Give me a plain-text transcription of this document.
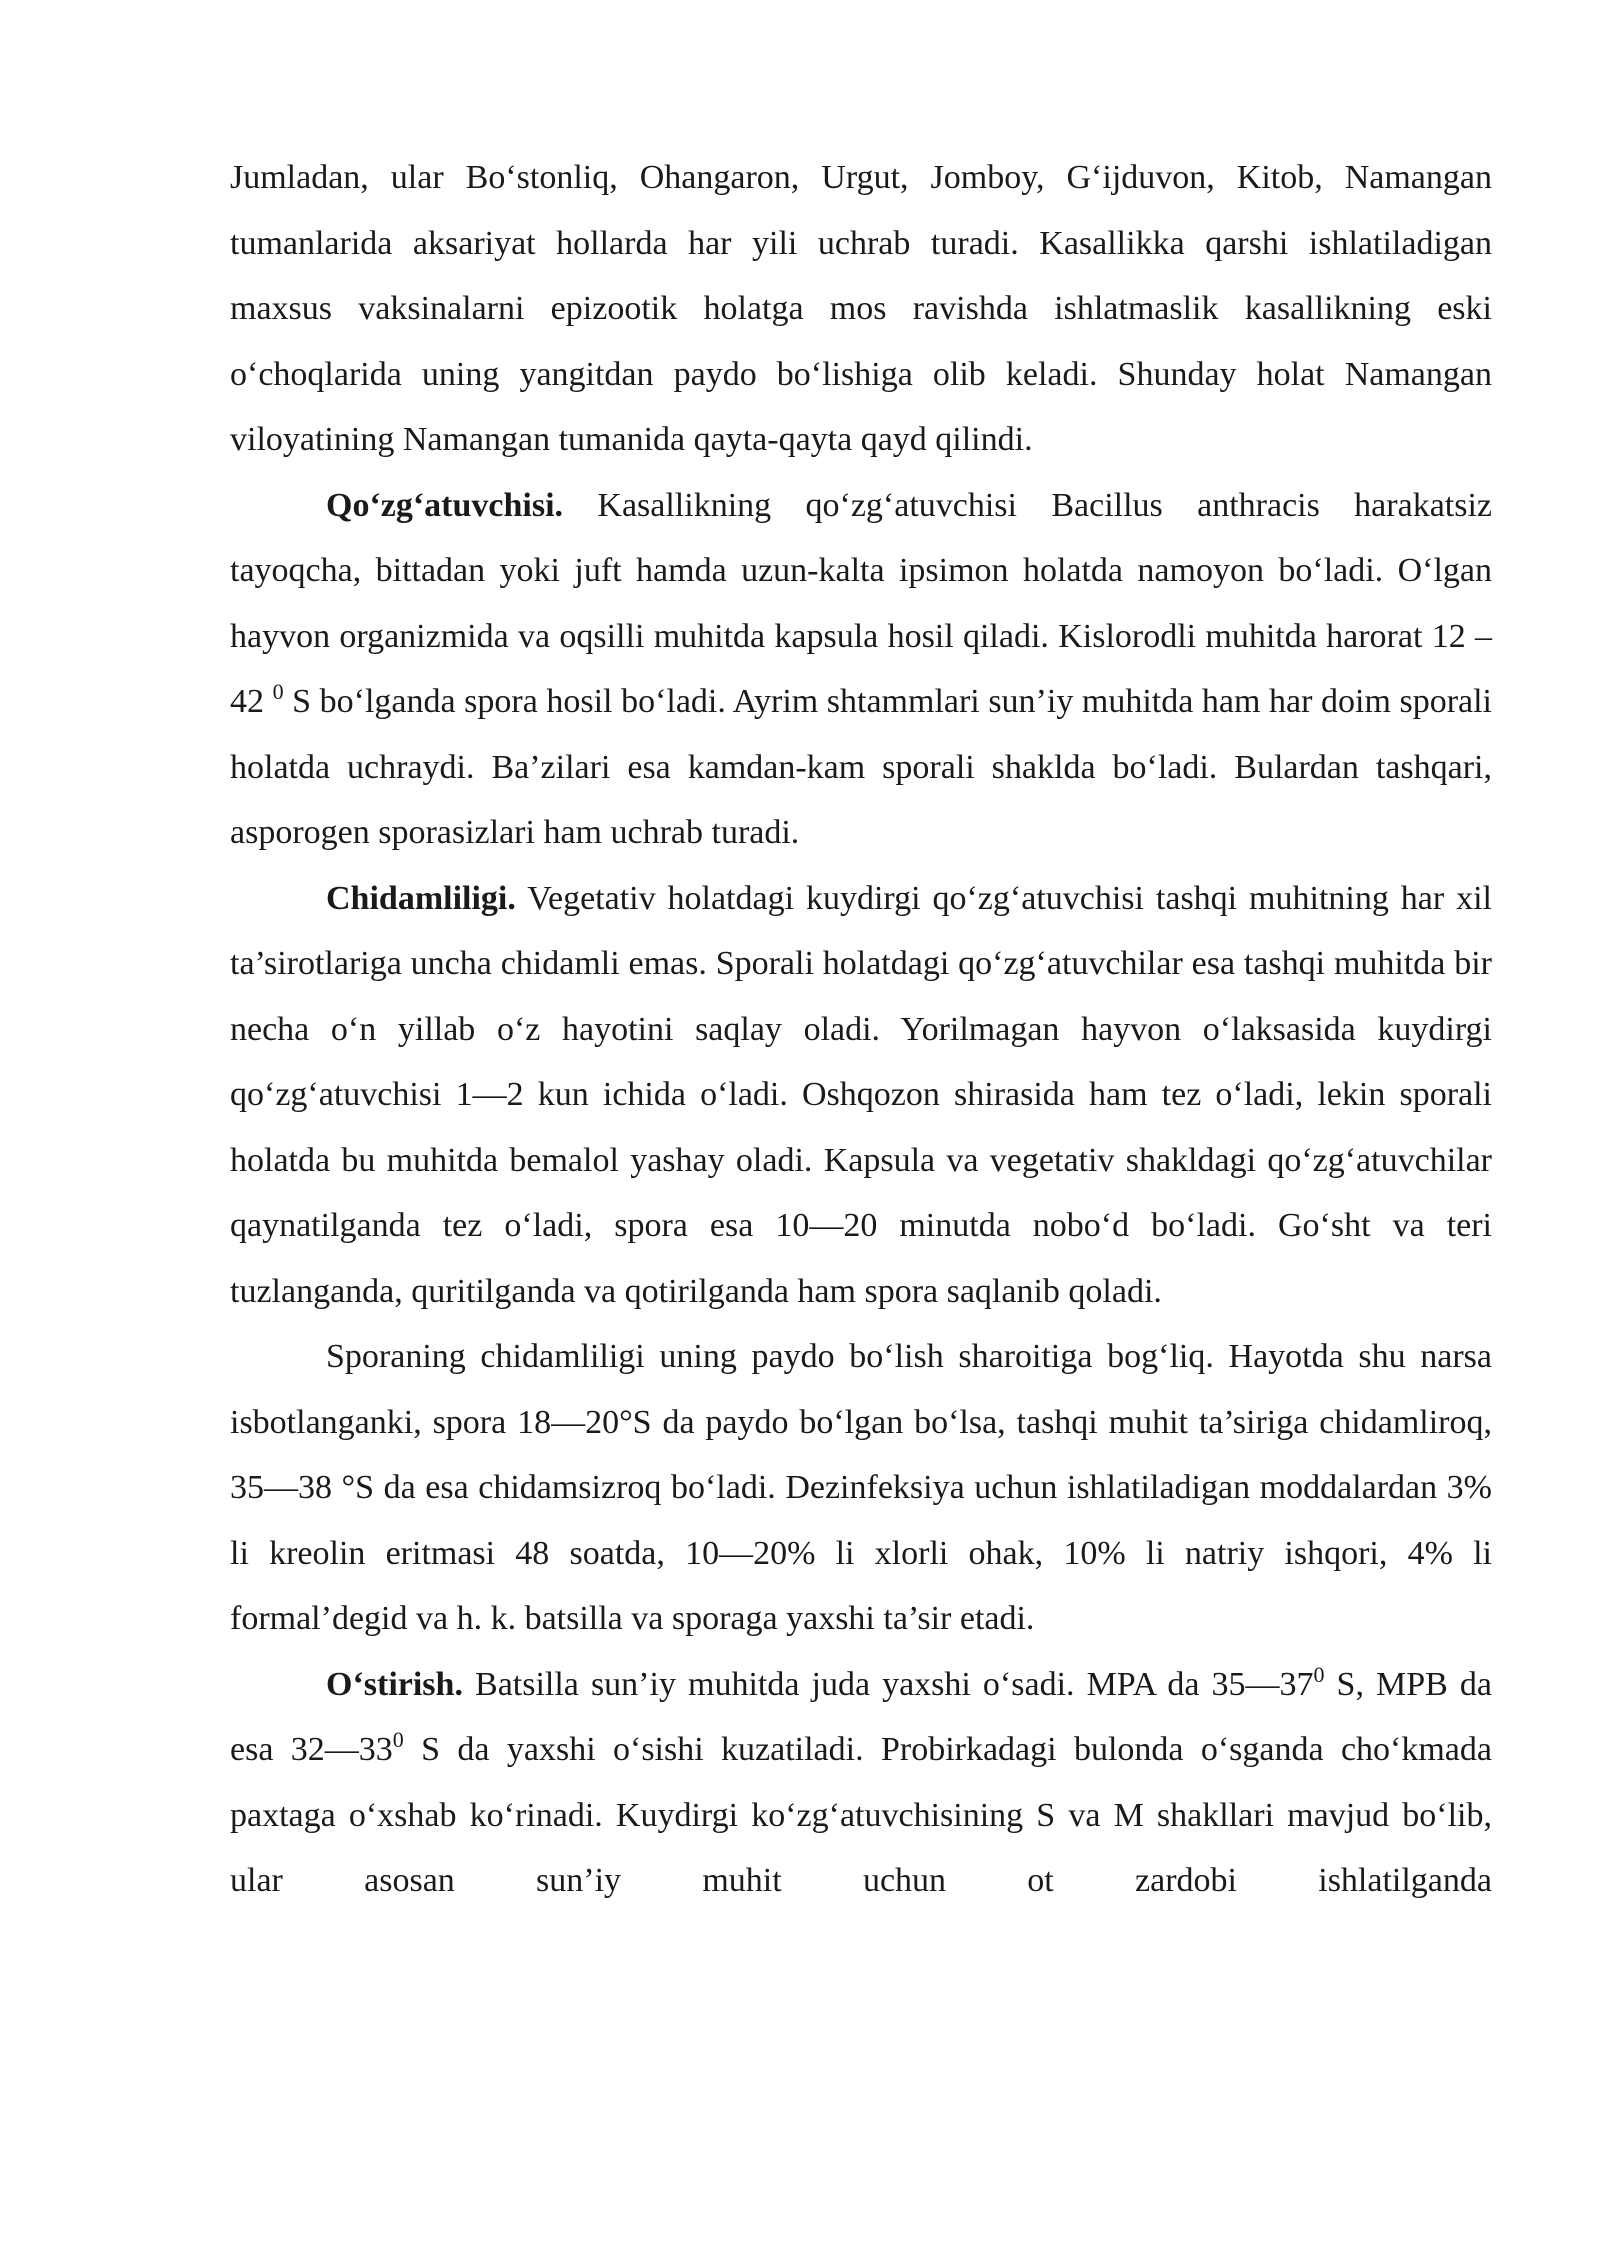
Jumladan, ular Boʻstonliq, Ohangaron, Urgut, Jomboy, Gʻijduvon, Kitob, Namangan tumanlarida aksariyat hollarda har yili uchrab turadi. Kasallikka qarshi ishlatiladigan maxsus vaksinalarni epizootik holatga mos ravishda ishlatmaslik kasallikning eski oʻchoqlarida uning yangitdan paydo boʻlishiga olib keladi. Shunday holat Namangan viloyatining Namangan tumanida qayta-qayta qayd qilindi.

Qoʻzgʻatuvchisi. Kasallikning qoʻzgʻatuvchisi Bacillus anthracis harakatsiz tayoqcha, bittadan yoki juft hamda uzun-kalta ipsimon holatda namoyon boʻladi. Oʻlgan hayvon organizmida va oqsilli muhitda kapsula hosil qiladi. Kislorodli muhitda harorat 12 – 42 $^0$ S boʻlganda spora hosil boʻladi. Ayrim shtammlari sun’iy muhitda ham har doim sporali holatda uchraydi. Ba’zilari esa kamdan-kam sporali shaklda boʻladi. Bulardan tashqari, asporogen sporasizlari ham uchrab turadi.

Chidamliligi. Vegetativ holatdagi kuydirgi qoʻzgʻatuvchisi tashqi muhitning har xil ta’sirotlariga uncha chidamli emas. Sporali holatdagi qoʻzgʻatuvchilar esa tashqi muhitda bir necha oʻn yillab oʻz hayotini saqlay oladi. Yorilmagan hayvon oʻlaksasida kuydirgi qoʻzgʻatuvchisi 1—2 kun ichida oʻladi. Oshqozon shirasida ham tez oʻladi, lekin sporali holatda bu muhitda bemalol yashay oladi. Kapsula va vegetativ shakldagi qoʻzgʻatuvchilar qaynatilganda tez oʻladi, spora esa 10—20 minutda noboʻd boʻladi. Goʻsht va teri tuzlanganda, quritilganda va qotirilganda ham spora saqlanib qoladi.

Sporaning chidamliligi uning paydo boʻlish sharoitiga bogʻliq. Hayotda shu narsa isbotlanganki, spora 18—20°S da paydo boʻlgan boʻlsa, tashqi muhit ta’siriga chidamliroq, 35—38 °S da esa chidamsizroq boʻladi. Dezinfeksiya uchun ishlatiladigan moddalardan 3% li kreolin eritmasi 48 soatda, 10—20% li xlorli ohak, 10% li natriy ishqori, 4% li formal’degid va h. k. batsilla va sporaga yaxshi ta’sir etadi.

Oʻstirish. Batsilla sun’iy muhitda juda yaxshi oʻsadi. MPA da $35—37^0$ S, MPB da esa $32—33^0$ S da yaxshi oʻsishi kuzatiladi. Probirkadagi bulonda oʻsganda choʻkmada paxtaga oʻxshab koʻrinadi. Kuydirgi koʻzgʻatuvchisining S va M shakllari mavjud boʻlib, ular asosan sun’iy muhit uchun ot zardobi ishlatilganda
